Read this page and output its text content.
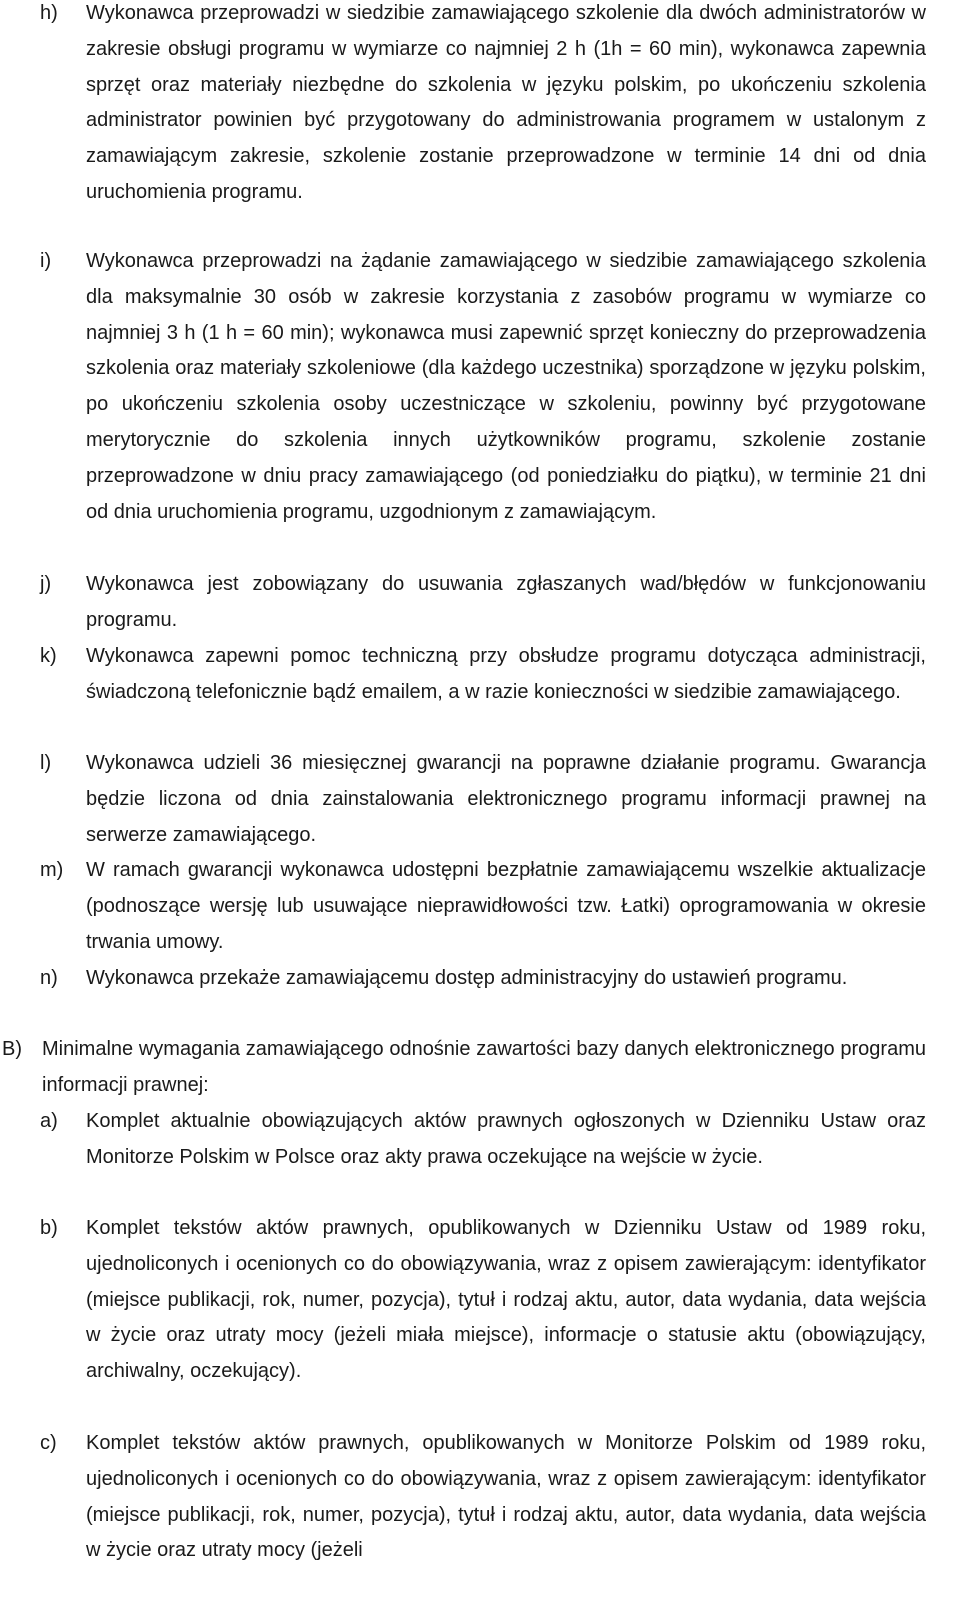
h) Wykonawca przeprowadzi w siedzibie zamawiającego szkolenie dla dwóch administratorów w zakresie obsługi programu w wymiarze co najmniej 2 h (1h = 60 min), wykonawca zapewnia sprzęt oraz materiały niezbędne do szkolenia w języku polskim, po ukończeniu szkolenia administrator powinien być przygotowany do administrowania programem w ustalonym z zamawiającym zakresie, szkolenie zostanie przeprowadzone w terminie 14 dni od dnia uruchomienia programu.
i) Wykonawca przeprowadzi na żądanie zamawiającego w siedzibie zamawiającego szkolenia dla maksymalnie 30 osób w zakresie korzystania z zasobów programu w wymiarze co najmniej 3 h (1 h = 60 min); wykonawca musi zapewnić sprzęt konieczny do przeprowadzenia szkolenia oraz materiały szkoleniowe (dla każdego uczestnika) sporządzone w języku polskim, po ukończeniu szkolenia osoby uczestniczące w szkoleniu, powinny być przygotowane merytorycznie do szkolenia innych użytkowników programu, szkolenie zostanie przeprowadzone w dniu pracy zamawiającego (od poniedziałku do piątku), w terminie 21 dni od dnia uruchomienia programu, uzgodnionym z zamawiającym.
j) Wykonawca jest zobowiązany do usuwania zgłaszanych wad/błędów w funkcjonowaniu programu.
k) Wykonawca zapewni pomoc techniczną przy obsłudze programu dotycząca administracji, świadczoną telefonicznie bądź emailem, a w razie konieczności w siedzibie zamawiającego.
l) Wykonawca udzieli 36 miesięcznej gwarancji na poprawne działanie programu. Gwarancja będzie liczona od dnia zainstalowania elektronicznego programu informacji prawnej na serwerze zamawiającego.
m) W ramach gwarancji wykonawca udostępni bezpłatnie zamawiającemu wszelkie aktualizacje (podnoszące wersję lub usuwające nieprawidłowości tzw. Łatki) oprogramowania w okresie trwania umowy.
n) Wykonawca przekaże zamawiającemu dostęp administracyjny do ustawień programu.
B) Minimalne wymagania zamawiającego odnośnie zawartości bazy danych elektronicznego programu informacji prawnej:
a) Komplet aktualnie obowiązujących aktów prawnych ogłoszonych w Dzienniku Ustaw oraz Monitorze Polskim w Polsce oraz akty prawa oczekujące na wejście w życie.
b) Komplet tekstów aktów prawnych, opublikowanych w Dzienniku Ustaw od 1989 roku, ujednoliconych i ocenionych co do obowiązywania, wraz z opisem zawierającym: identyfikator (miejsce publikacji, rok, numer, pozycja), tytuł i rodzaj aktu, autor, data wydania, data wejścia w życie oraz utraty mocy (jeżeli miała miejsce), informacje o statusie aktu (obowiązujący, archiwalny, oczekujący).
c) Komplet tekstów aktów prawnych, opublikowanych w Monitorze Polskim od 1989 roku, ujednoliconych i ocenionych co do obowiązywania, wraz z opisem zawierającym: identyfikator (miejsce publikacji, rok, numer, pozycja), tytuł i rodzaj aktu, autor, data wydania, data wejścia w życie oraz utraty mocy (jeżeli
